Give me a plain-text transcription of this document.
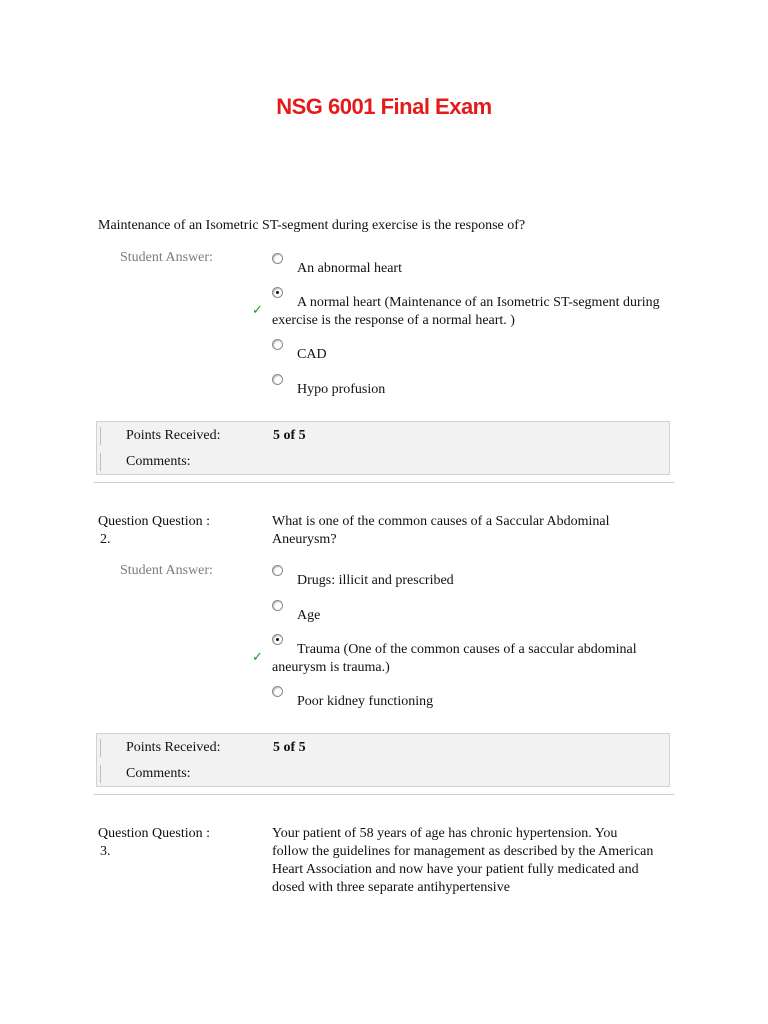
NSG 6001 Final Exam
Maintenance of an Isometric ST-segment during exercise is the response of?
Student Answer:
An abnormal heart
✓
A normal heart (Maintenance of an Isometric ST-segment during exercise is the response of a normal heart. )
CAD
Hypo profusion
Points Received:	5 of 5
Comments:
Question Question :
2.
What is one of the common causes of a Saccular Abdominal Aneurysm?
Student Answer:
Drugs: illicit and prescribed
Age
✓
Trauma (One of the common causes of a saccular abdominal aneurysm is trauma.)
Poor kidney functioning
Points Received:	5 of 5
Comments:
Question Question :
3.
Your patient of 58 years of age has chronic hypertension. You follow the guidelines for management as described by the American Heart Association and now have your patient fully medicated and dosed with three separate antihypertensive
